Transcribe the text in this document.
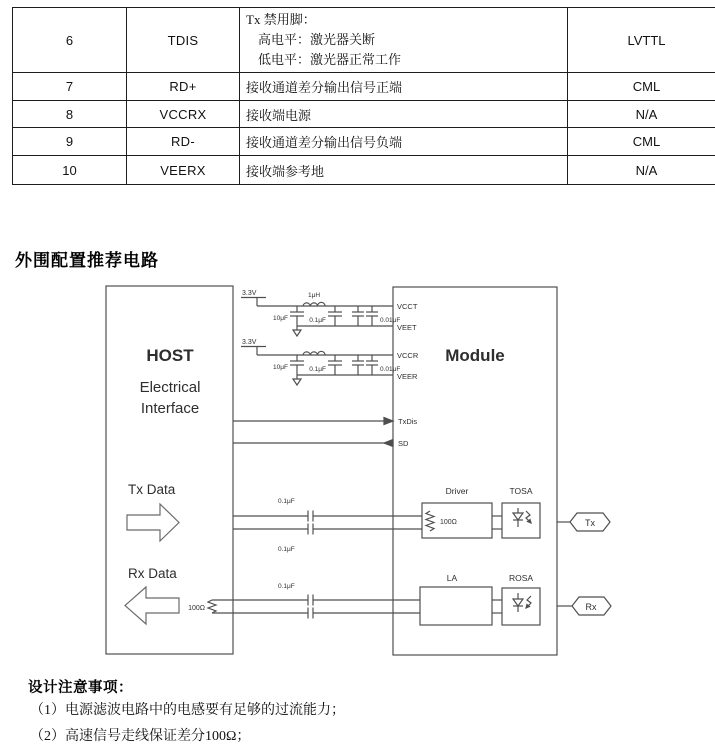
6	TDIS	Tx 禁用脚：
高电平：激光器关断
低电平：激光器正常工作	LVTTL
7	RD+	接收通道差分输出信号正端	CML
8	VCCRX	接收端电源	N/A
9	RD-	接收通道差分输出信号负端	CML
10	VEERX	接收端参考地	N/A
外围配置推荐电路
HOST
Electrical
Interface
Module
Tx Data
Rx Data
3.3V
3.3V
1μH
10μF	0.1μF	0.01μF
10μF	0.1μF	0.01μF
VCCT
VEET
VCCR
VEER
TxDis
SD
0.1μF
0.1μF
0.1μF
Driver
100Ω
TOSA
LA	ROSA
100Ω
Tx
Rx
设计注意事项：
（1）电源滤波电路中的电感要有足够的过流能力；
（2）高速信号走线保证差分100Ω；
